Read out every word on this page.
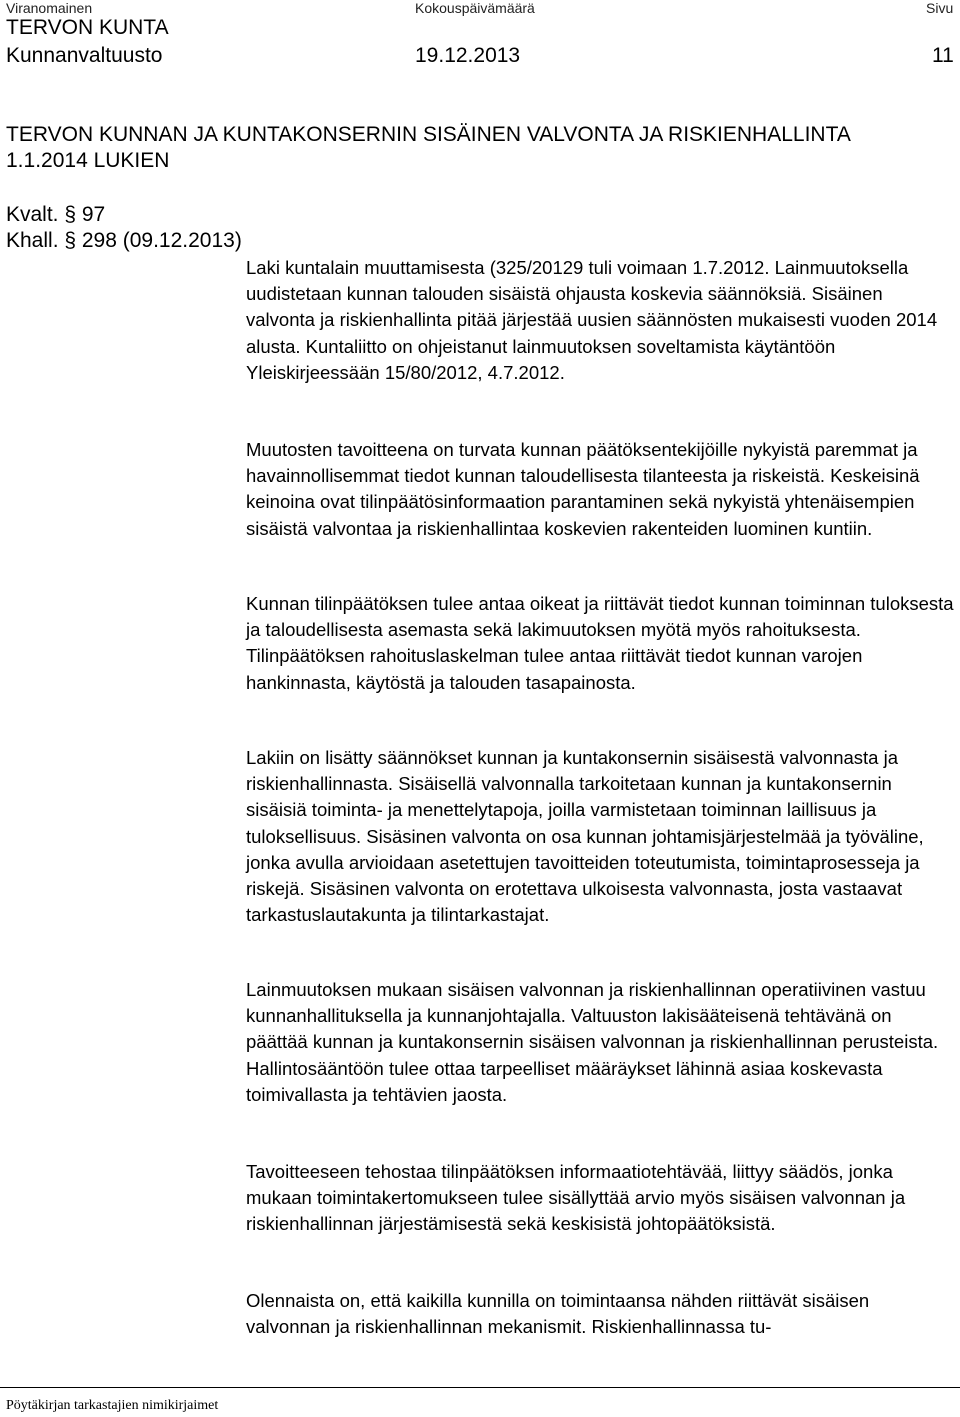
Viranomainen	Kokouspäivämäärä	Sivu
TERVON KUNTA
Kunnanvaltuusto	19.12.2013	11
TERVON KUNNAN JA KUNTAKONSERNIN SISÄINEN VALVONTA JA RISKIENHALLINTA
1.1.2014 LUKIEN
Kvalt. § 97
Khall. § 298 (09.12.2013)

Laki kuntalain muuttamisesta (325/20129 tuli voimaan 1.7.2012. Lainmuutoksella uudistetaan kunnan talouden sisäistä ohjausta koskevia säännöksiä. Sisäinen valvonta ja riskienhallinta pitää järjestää uusien säännösten mukaisesti vuoden 2014 alusta. Kuntaliitto on ohjeistanut lainmuutoksen soveltamista käytäntöön Yleiskirjeessään 15/80/2012, 4.7.2012.

Muutosten tavoitteena on turvata kunnan päätöksentekijöille nykyistä paremmat ja havainnollisemmat tiedot kunnan taloudellisesta tilanteesta ja riskeistä. Keskeisinä keinoina ovat tilinpäätösinformaation parantaminen sekä nykyistä yhtenäisempien sisäistä valvontaa ja riskienhallintaa koskevien rakenteiden luominen kuntiin.

Kunnan tilinpäätöksen tulee antaa oikeat ja riittävät tiedot kunnan toiminnan tuloksesta ja taloudellisesta asemasta sekä lakimuutoksen myötä myös rahoituksesta. Tilinpäätöksen rahoituslaskelman tulee antaa riittävät tiedot kunnan varojen hankinnasta, käytöstä ja talouden tasapainosta.

Lakiin on lisätty säännökset kunnan ja kuntakonsernin sisäisestä valvonnasta ja riskienhallinnasta. Sisäisellä valvonnalla tarkoitetaan kunnan ja kuntakonsernin sisäisiä toiminta- ja menettelytapoja, joilla varmistetaan toiminnan laillisuus ja tuloksellisuus. Sisäsinen valvonta on osa kunnan johtamisjärjestelmää ja työväline, jonka avulla arvioidaan asetettujen tavoitteiden toteutumista, toimintaprosesseja ja riskejä. Sisäsinen valvonta on erotettava ulkoisesta valvonnasta, josta vastaavat tarkastuslautakunta ja tilintarkastajat.

Lainmuutoksen mukaan sisäisen valvonnan ja riskienhallinnan operatiivinen vastuu kunnanhallituksella ja kunnanjohtajalla. Valtuuston lakisääteisenä tehtävänä on päättää kunnan ja kuntakonsernin sisäisen valvonnan ja riskienhallinnan perusteista. Hallintosääntöön tulee ottaa tarpeelliset määräykset lähinnä asiaa koskevasta toimivallasta ja tehtävien jaosta.

Tavoitteeseen tehostaa tilinpäätöksen informaatiotehtävää, liittyy säädös, jonka mukaan toimintakertomukseen tulee sisällyttää arvio myös sisäisen valvonnan ja riskienhallinnan järjestämisestä sekä keskisistä johtopäätöksistä.

Olennaista on, että kaikilla kunnilla on toimintaansa nähden riittävät sisäisen valvonnan ja riskienhallinnan mekanismit. Riskienhallinnassa tu-

Pöytäkirjan tarkastajien nimikirjaimet
